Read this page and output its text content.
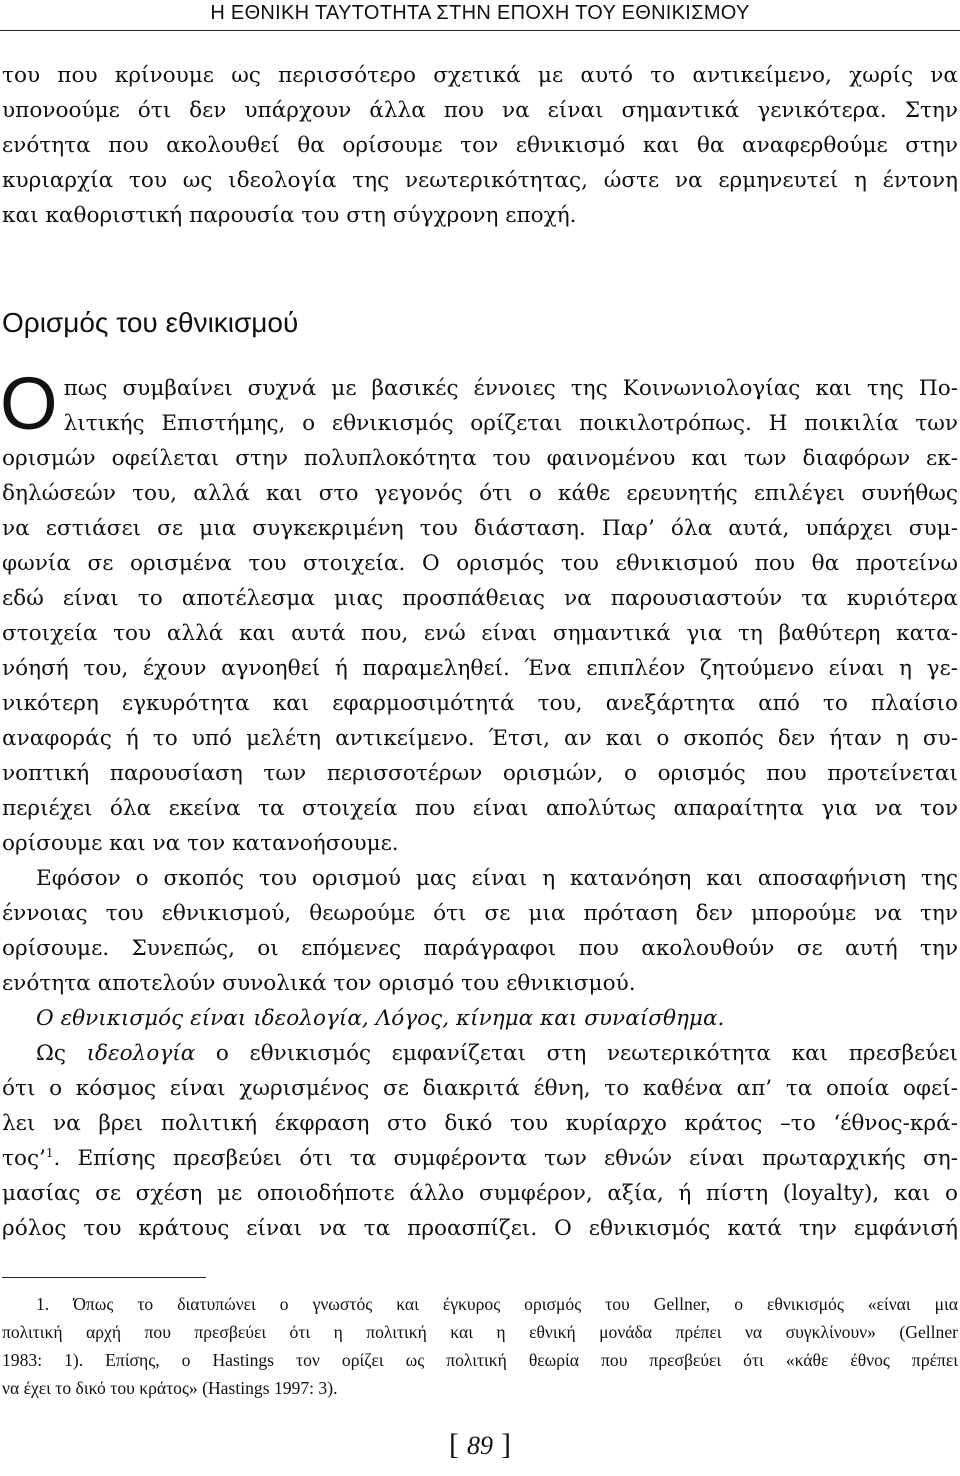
Η ΕΘΝΙΚΗ ΤΑΥΤΟΤΗΤΑ ΣΤΗΝ ΕΠΟΧΗ ΤΟΥ ΕΘΝΙΚΙΣΜΟΥ
του που κρίνουμε ως περισσότερο σχετικά με αυτό το αντικείμενο, χωρίς να
υπονοούμε ότι δεν υπάρχουν άλλα που να είναι σημαντικά γενικότερα. Στην
ενότητα που ακολουθεί θα ορίσουμε τον εθνικισμό και θα αναφερθούμε στην
κυριαρχία του ως ιδεολογία της νεωτερικότητας, ώστε να ερμηνευτεί η έντονη
και καθοριστική παρουσία του στη σύγχρονη εποχή.
Ορισμός του εθνικισμού
Ο πως συμβαίνει συχνά με βασικές έννοιες της Κοινωνιολογίας και της Πο-
λιτικής Επιστήμης, ο εθνικισμός ορίζεται ποικιλοτρόπως. Η ποικιλία των
ορισμών οφείλεται στην πολυπλοκότητα του φαινομένου και των διαφόρων εκ-
δηλώσεών του, αλλά και στο γεγονός ότι ο κάθε ερευνητής επιλέγει συνήθως
να εστιάσει σε μια συγκεκριμένη του διάσταση. Παρ’ όλα αυτά, υπάρχει συμ-
φωνία σε ορισμένα του στοιχεία. Ο ορισμός του εθνικισμού που θα προτείνω
εδώ είναι το αποτέλεσμα μιας προσπάθειας να παρουσιαστούν τα κυριότερα
στοιχεία του αλλά και αυτά που, ενώ είναι σημαντικά για τη βαθύτερη κατα-
νόησή του, έχουν αγνοηθεί ή παραμεληθεί. Ένα επιπλέον ζητούμενο είναι η γε-
νικότερη εγκυρότητα και εφαρμοσιμότητά του, ανεξάρτητα από το πλαίσιο
αναφοράς ή το υπό μελέτη αντικείμενο. Έτσι, αν και ο σκοπός δεν ήταν η συ-
νοπτική παρουσίαση των περισσοτέρων ορισμών, ο ορισμός που προτείνεται
περιέχει όλα εκείνα τα στοιχεία που είναι απολύτως απαραίτητα για να τον
ορίσουμε και να τον κατανοήσουμε.
Εφόσον ο σκοπός του ορισμού μας είναι η κατανόηση και αποσαφήνιση της
έννοιας του εθνικισμού, θεωρούμε ότι σε μια πρόταση δεν μπορούμε να την
ορίσουμε. Συνεπώς, οι επόμενες παράγραφοι που ακολουθούν σε αυτή την
ενότητα αποτελούν συνολικά τον ορισμό του εθνικισμού.
Ο εθνικισμός είναι ιδεολογία, Λόγος, κίνημα και συναίσθημα.
Ως ιδεολογία ο εθνικισμός εμφανίζεται στη νεωτερικότητα και πρεσβεύει
ότι ο κόσμος είναι χωρισμένος σε διακριτά έθνη, το καθένα απ’ τα οποία οφεί-
λει να βρει πολιτική έκφραση στο δικό του κυρίαρχο κράτος –το ‘έθνος-κρά-
τος’$^1$. Επίσης πρεσβεύει ότι τα συμφέροντα των εθνών είναι πρωταρχικής ση-
μασίας σε σχέση με οποιοδήποτε άλλο συμφέρον, αξία, ή πίστη (loyalty), και ο
ρόλος του κράτους είναι να τα προασπίζει. Ο εθνικισμός κατά την εμφάνισή
1. Όπως το διατυπώνει ο γνωστός και έγκυρος ορισμός του Gellner, ο εθνικισμός «είναι μια
πολιτική αρχή που πρεσβεύει ότι η πολιτική και η εθνική μονάδα πρέπει να συγκλίνουν» (Gellner
1983: 1). Επίσης, ο Hastings τον ορίζει ως πολιτική θεωρία που πρεσβεύει ότι «κάθε έθνος πρέπει
να έχει το δικό του κράτος» (Hastings 1997: 3).
[ 89 ]
